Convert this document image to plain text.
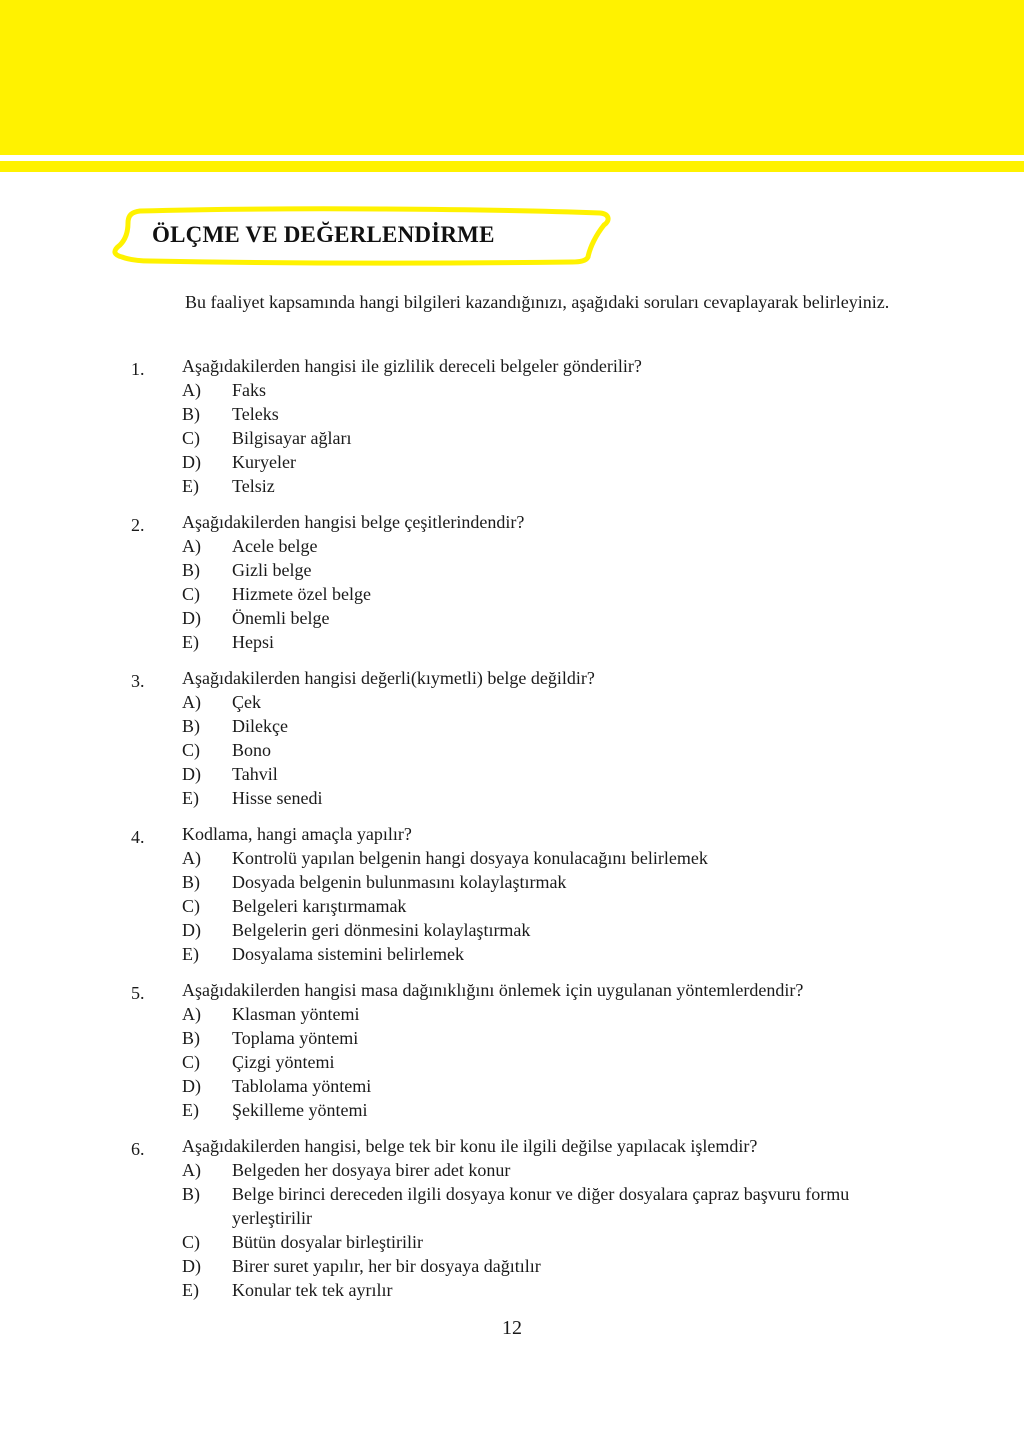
ÖLÇME VE DEĞERLENDİRME

Bu faaliyet kapsamında hangi bilgileri kazandığınızı, aşağıdaki soruları cevaplayarak belirleyiniz.

1. Aşağıdakilerden hangisi ile gizlilik dereceli belgeler gönderilir?
A) Faks
B) Teleks
C) Bilgisayar ağları
D) Kuryeler
E) Telsiz
2. Aşağıdakilerden hangisi belge çeşitlerindendir?
A) Acele belge
B) Gizli belge
C) Hizmete özel belge
D) Önemli belge
E) Hepsi
3. Aşağıdakilerden hangisi değerli(kıymetli) belge değildir?
A) Çek
B) Dilekçe
C) Bono
D) Tahvil
E) Hisse senedi
4. Kodlama, hangi amaçla yapılır?
A) Kontrolü yapılan belgenin hangi dosyaya konulacağını belirlemek
B) Dosyada belgenin bulunmasını kolaylaştırmak
C) Belgeleri karıştırmamak
D) Belgelerin geri dönmesini kolaylaştırmak
E) Dosyalama sistemini belirlemek
5. Aşağıdakilerden hangisi masa dağınıklığını önlemek için uygulanan yöntemlerdendir?
A) Klasman yöntemi
B) Toplama yöntemi
C) Çizgi yöntemi
D) Tablolama yöntemi
E) Şekilleme yöntemi
6. Aşağıdakilerden hangisi, belge tek bir konu ile ilgili değilse yapılacak işlemdir?
A) Belgeden her dosyaya birer adet konur
B) Belge birinci dereceden ilgili dosyaya konur ve diğer dosyalara çapraz başvuru formu yerleştirilir
C) Bütün dosyalar birleştirilir
D) Birer suret yapılır, her bir dosyaya dağıtılır
E) Konular tek tek ayrılır
12
